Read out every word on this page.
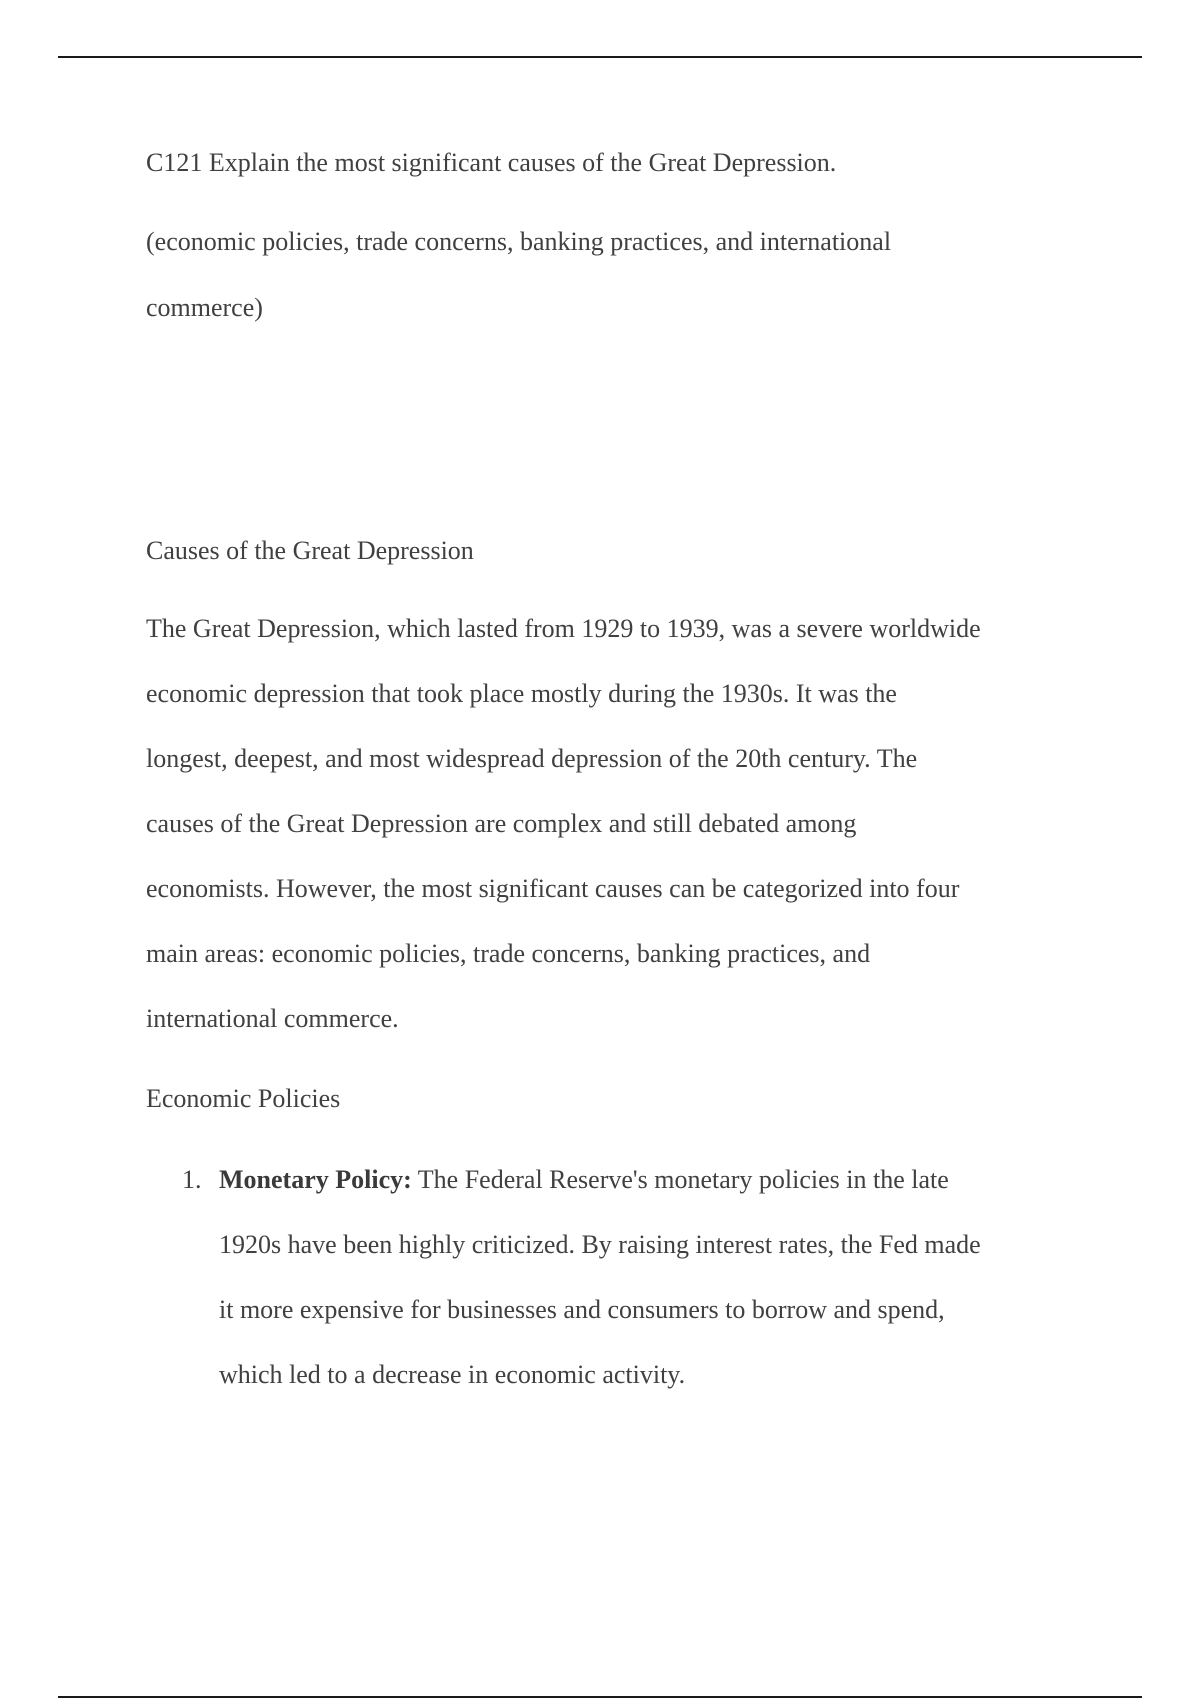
C121 Explain the most significant causes of the Great Depression.
(economic policies, trade concerns, banking practices, and international
commerce)
Causes of the Great Depression
The Great Depression, which lasted from 1929 to 1939, was a severe worldwide
economic depression that took place mostly during the 1930s. It was the
longest, deepest, and most widespread depression of the 20th century. The
causes of the Great Depression are complex and still debated among
economists. However, the most significant causes can be categorized into four
main areas: economic policies, trade concerns, banking practices, and
international commerce.
Economic Policies
1. Monetary Policy: The Federal Reserve's monetary policies in the late
1920s have been highly criticized. By raising interest rates, the Fed made
it more expensive for businesses and consumers to borrow and spend,
which led to a decrease in economic activity.
